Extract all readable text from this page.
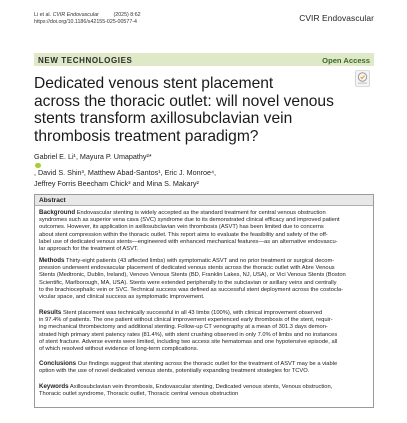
Li et al. CVIR Endovascular          (2025) 8:62
https://doi.org/10.1186/s42155-025-00577-4	CVIR Endovascular
NEW TECHNOLOGIES	Open Access
Dedicated venous stent placement
across the thoracic outlet: will novel venous
stents transform axillosubclavian vein
thrombosis treatment paradigm?
Gabriel E. Li¹, Mayura P. Umapathy²*
, David S. Shin³, Matthew Abad-Santos¹, Eric J. Monroe⁴,
Jeffrey Forris Beecham Chick³ and Mina S. Makary²
Abstract
Background Endovascular stenting is widely accepted as the standard treatment for central venous obstruction
syndromes such as superior vena cava (SVC) syndrome due to its demonstrated clinical efficacy and improved patient
outcomes. However, its application in axillosubclavian vein thrombosis (ASVT) has been limited due to concerns
about stent compression within the thoracic outlet. This report aims to evaluate the feasibility and safety of the off-
label use of dedicated venous stents—engineered with enhanced mechanical features—as an alternative endovascu-
lar approach for the treatment of ASVT.
Methods Thirty-eight patients (43 affected limbs) with symptomatic ASVT and no prior treatment or surgical decom-
pression underwent endovascular placement of dedicated venous stents across the thoracic outlet with Abre Venous
Stents (Medtronic, Dublin, Ireland), Venovo Venous Stents (BD, Franklin Lakes, NJ, USA), or Vici Venous Stents (Boston
Scientific, Marlborough, MA, USA). Stents were extended peripherally to the subclavian or axillary veins and centrally
to the brachiocephalic vein or SVC. Technical success was defined as successful stent deployment across the costocla-
vicular space, and clinical success as symptomatic improvement.
Results Stent placement was technically successful in all 43 limbs (100%), with clinical improvement observed
in 97.4% of patients. The one patient without clinical improvement experienced early thrombosis of the stent, requir-
ing mechanical thrombectomy and additional stenting. Follow-up CT venography at a mean of 301.3 days demon-
strated high primary stent patency rates (81.4%), with stent crushing observed in only 7.0% of limbs and no instances
of stent fracture. Adverse events were limited, including two access site hematomas and one hypotensive episode, all
of which resolved without evidence of long-term complications.
Conclusions Our findings suggest that stenting across the thoracic outlet for the treatment of ASVT may be a viable
option with the use of novel dedicated venous stents, potentially expanding treatment strategies for TCVO.
Keywords Axillosubclavian vein thrombosis, Endovascular stenting, Dedicated venous stents, Venous obstruction,
Thoracic outlet syndrome, Thoracic outlet, Thoracic central venous obstruction
